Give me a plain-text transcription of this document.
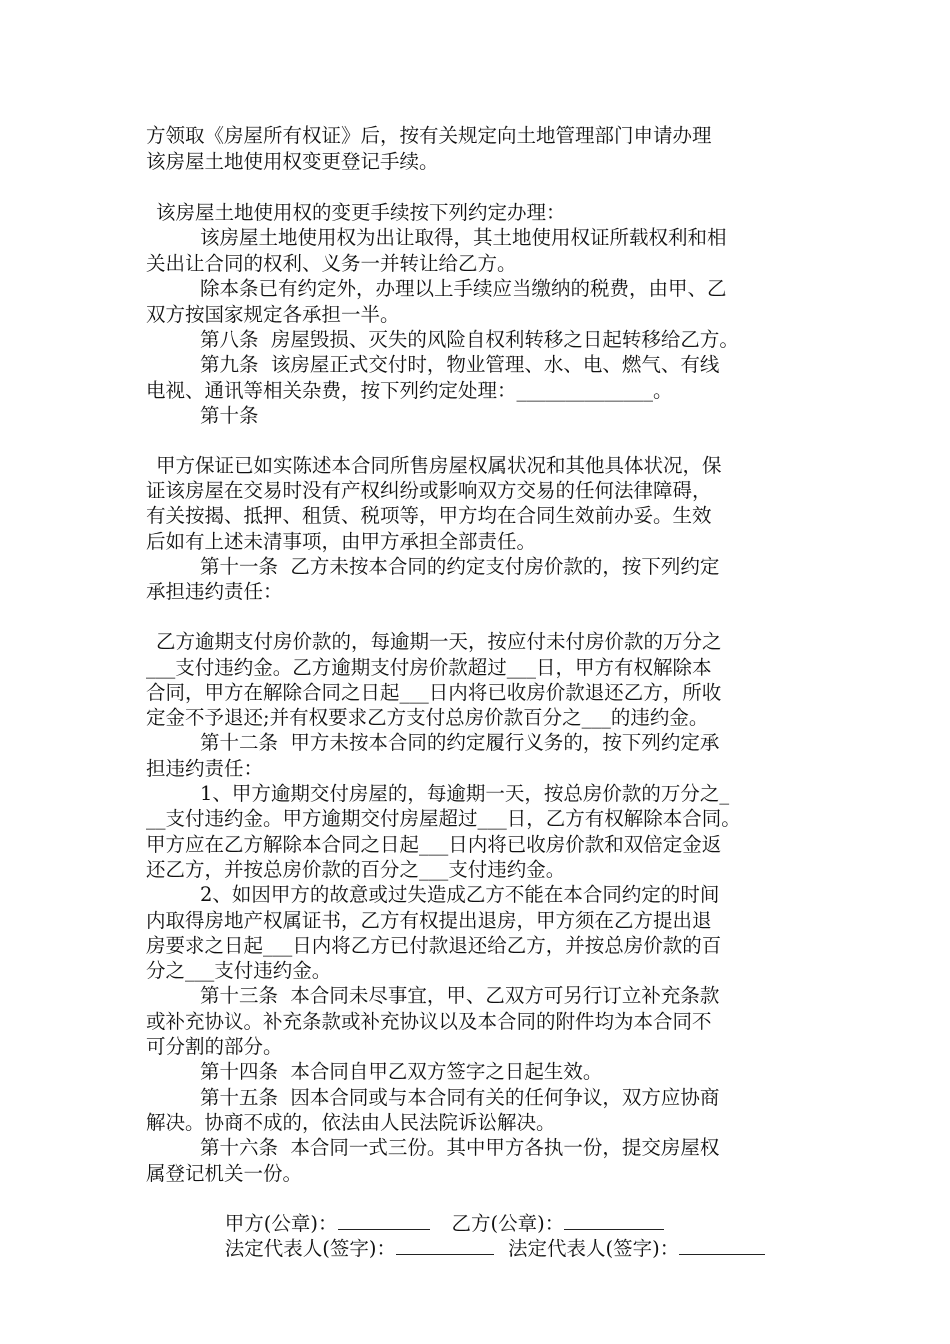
方领取《房屋所有权证》后，按有关规定向土地管理部门申请办理
该房屋土地使用权变更登记手续。
该房屋土地使用权的变更手续按下列约定办理：
该房屋土地使用权为出让取得，其土地使用权证所载权利和相
关出让合同的权利、义务一并转让给乙方。
除本条已有约定外，办理以上手续应当缴纳的税费，由甲、乙
双方按国家规定各承担一半。
第八条  房屋毁损、灭失的风险自权利转移之日起转移给乙方。
第九条  该房屋正式交付时，物业管理、水、电、燃气、有线
电视、通讯等相关杂费，按下列约定处理：______________。
第十条
甲方保证已如实陈述本合同所售房屋权属状况和其他具体状况，保
证该房屋在交易时没有产权纠纷或影响双方交易的任何法律障碍，
有关按揭、抵押、租赁、税项等，甲方均在合同生效前办妥。生效
后如有上述未清事项，由甲方承担全部责任。
第十一条  乙方未按本合同的约定支付房价款的，按下列约定
承担违约责任：
乙方逾期支付房价款的，每逾期一天，按应付未付房价款的万分之
___支付违约金。乙方逾期支付房价款超过___日，甲方有权解除本
合同，甲方在解除合同之日起___日内将已收房价款退还乙方，所收
定金不予退还;并有权要求乙方支付总房价款百分之___的违约金。
第十二条  甲方未按本合同的约定履行义务的，按下列约定承
担违约责任：
1、甲方逾期交付房屋的，每逾期一天，按总房价款的万分之_
__支付违约金。甲方逾期交付房屋超过___日，乙方有权解除本合同。
甲方应在乙方解除本合同之日起___日内将已收房价款和双倍定金返
还乙方，并按总房价款的百分之___支付违约金。
2、如因甲方的故意或过失造成乙方不能在本合同约定的时间
内取得房地产权属证书，乙方有权提出退房，甲方须在乙方提出退
房要求之日起___日内将乙方已付款退还给乙方，并按总房价款的百
分之___支付违约金。
第十三条  本合同未尽事宜，甲、乙双方可另行订立补充条款
或补充协议。补充条款或补充协议以及本合同的附件均为本合同不
可分割的部分。
第十四条  本合同自甲乙双方签字之日起生效。
第十五条  因本合同或与本合同有关的任何争议，双方应协商
解决。协商不成的，依法由人民法院诉讼解决。
第十六条  本合同一式三份。其中甲方各执一份，提交房屋权
属登记机关一份。

甲方(公章)：	乙方(公章)：

法定代表人(签字)：	法定代表人(签字)：
